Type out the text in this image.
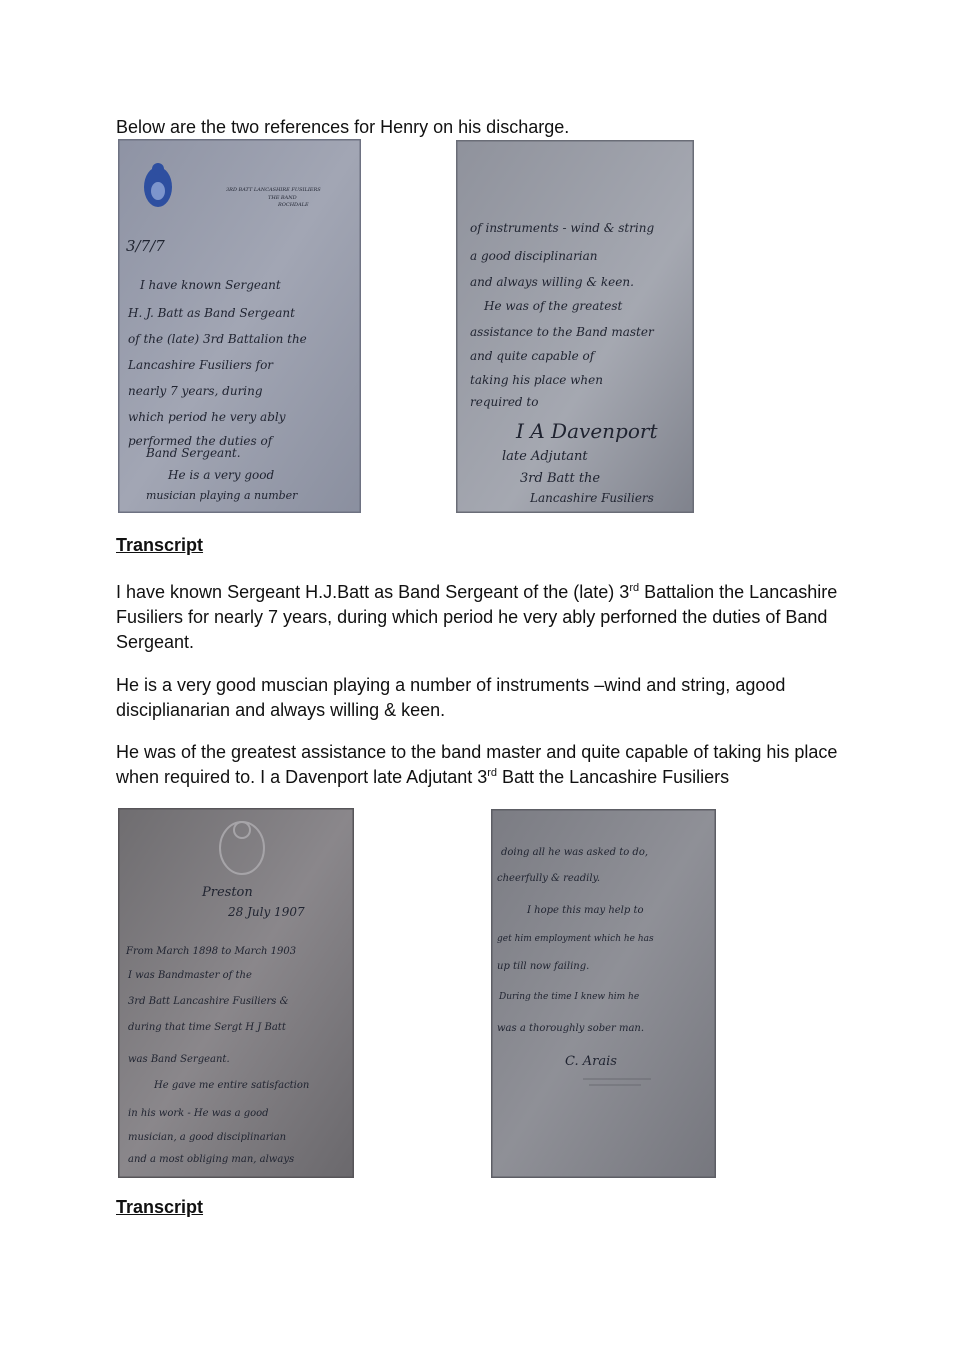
Below are the two references for Henry on his discharge.

3RD BATT LANCASHIRE FUSILIERS
THE BAND
ROCHDALE
3/7/7
I have known Sergeant
H. J. Batt as Band Sergeant
of the (late) 3rd Battalion the
Lancashire Fusiliers for
nearly 7 years, during
which period he very ably
performed the duties of
Band Sergeant.
He is a very good
musician playing a number
of instruments - wind & string
a good disciplinarian
and always willing & keen.
He was of the greatest
assistance to the Band master
and quite capable of
taking his place when
required to
I A Davenport
late Adjutant
3rd Batt the
Lancashire Fusiliers

Transcript

I have known Sergeant H.J.Batt as Band Sergeant of the (late) 3rd Battalion the Lancashire Fusiliers for nearly 7 years, during which period he very ably perforned the duties of Band Sergeant.

He is a very good muscian playing a number of instruments –wind and string, agood disciplianarian and always willing & keen.

He was of the greatest assistance to the band master and quite capable of taking his place when required to. I a Davenport late Adjutant 3rd Batt the Lancashire Fusiliers

Preston
28 July 1907
From March 1898 to March 1903
I was Bandmaster of the
3rd Batt Lancashire Fusiliers &
during that time Sergt H J Batt
was Band Sergeant.
He gave me entire satisfaction
in his work - He was a good
musician, a good disciplinarian
and a most obliging man, always
doing all he was asked to do,
cheerfully & readily.
I hope this may help to
get him employment which he has
up till now failing.
During the time I knew him he
was a thoroughly sober man.
C. Arais

Transcript
